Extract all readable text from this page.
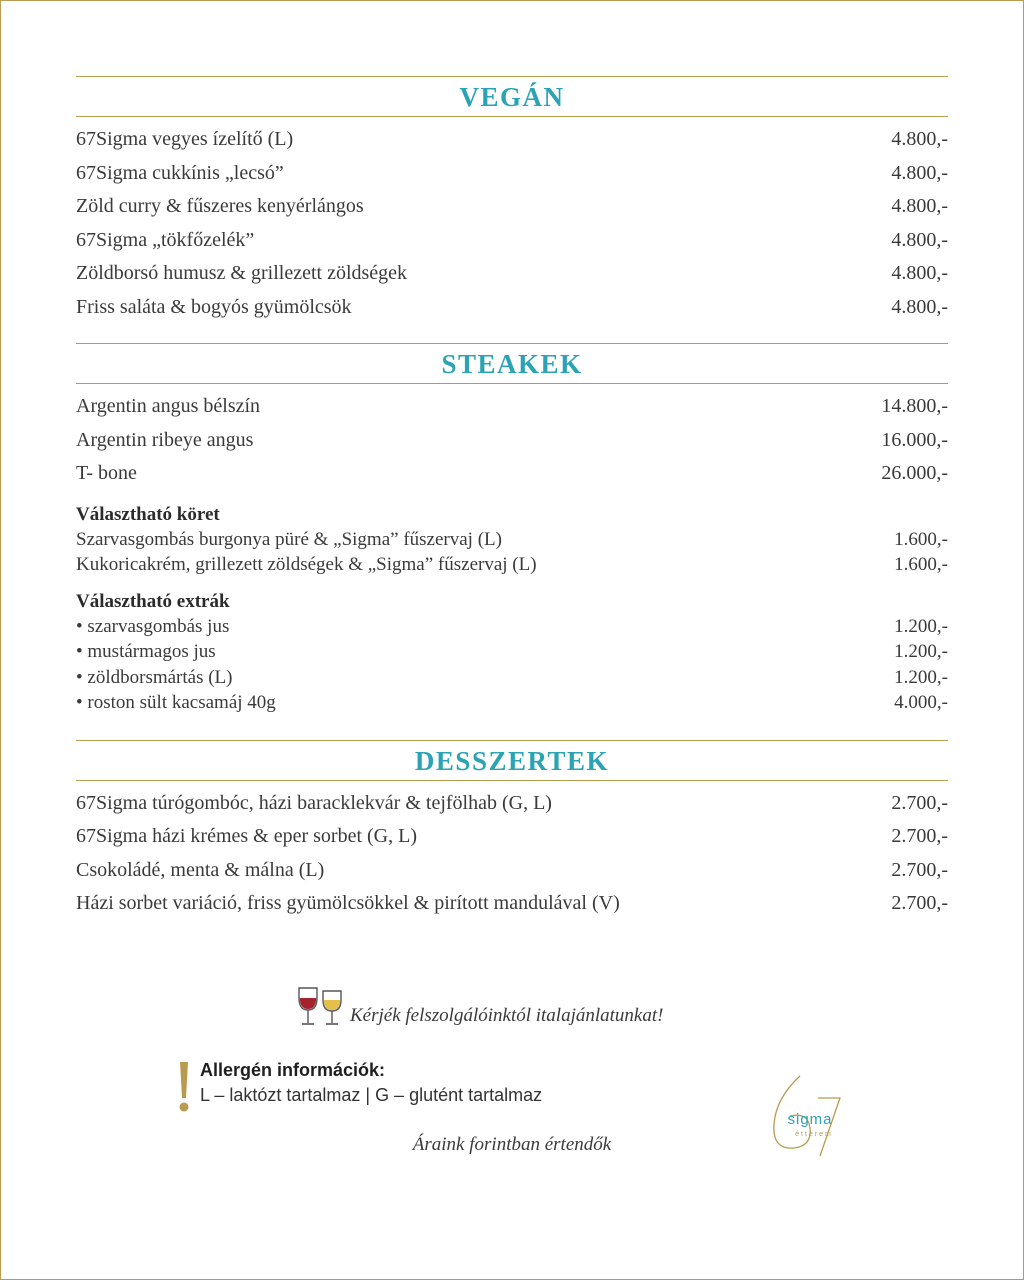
VEGÁN
67Sigma vegyes ízelítő (L)	4.800,-
67Sigma cukkínis „lecsó”	4.800,-
Zöld curry & fűszeres kenyérlángos	4.800,-
67Sigma „tökfőzelék”	4.800,-
Zöldborsó humusz & grillezett zöldségek	4.800,-
Friss saláta & bogyós gyümölcsök	4.800,-
STEAKEK
Argentin angus bélszín	14.800,-
Argentin ribeye angus	16.000,-
T- bone	26.000,-
Választható köret
Szarvasgombás burgonya püré & „Sigma” fűszervaj (L)	1.600,-
Kukoricakrém, grillezett zöldségek & „Sigma” fűszervaj (L)	1.600,-
Választható extrák
• szarvasgombás jus	1.200,-
• mustármagos jus	1.200,-
• zöldborsmártás (L)	1.200,-
• roston sült kacsamáj 40g	4.000,-
DESSZERTEK
67Sigma túrógombóc, házi baracklekvár & tejfölhab (G, L)	2.700,-
67Sigma házi krémes & eper sorbet (G, L)	2.700,-
Csokoládé, menta & málna (L)	2.700,-
Házi sorbet variáció, friss gyümölcsökkel & pirított mandulával (V)	2.700,-
Kérjék felszolgálóinktól italajánlatunkat!
Allergén információk:
L – laktózt tartalmaz | G – glutént tartalmaz
Áraink forintban értendők
sigma
étterem
